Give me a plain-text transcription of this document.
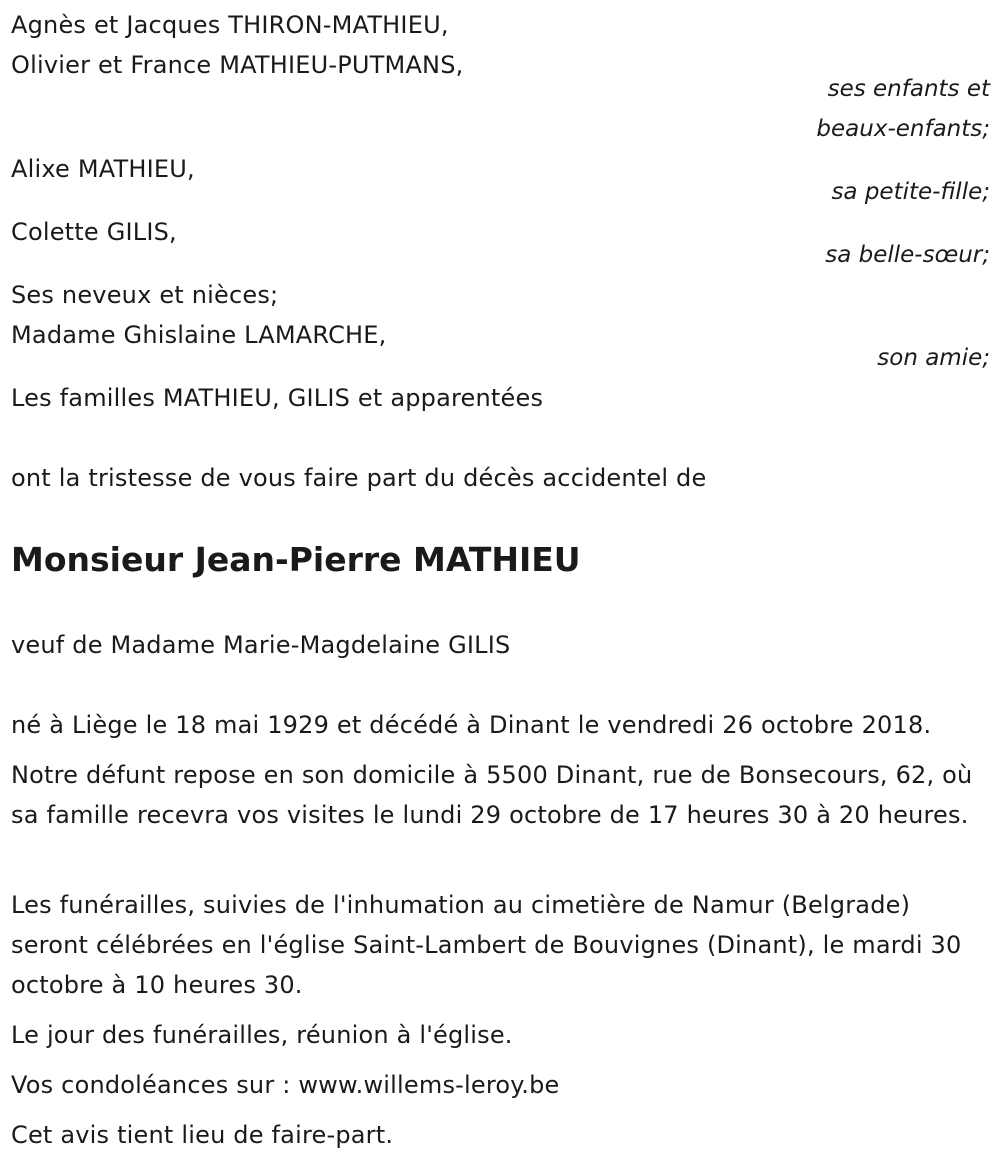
Agnès et Jacques THIRON-MATHIEU,
Olivier et France MATHIEU-PUTMANS,
ses enfants et
beaux-enfants;
Alixe MATHIEU,
sa petite-fille;
Colette GILIS,
sa belle-sœur;
Ses neveux et nièces;
Madame Ghislaine LAMARCHE,
son amie;
Les familles MATHIEU, GILIS et apparentées
ont la tristesse de vous faire part du décès accidentel de
Monsieur Jean-Pierre MATHIEU
veuf de Madame Marie-Magdelaine GILIS
né à Liège le 18 mai 1929 et décédé à Dinant le vendredi 26 octobre 2018.
Notre défunt repose en son domicile à 5500 Dinant, rue de Bonsecours, 62, où sa famille recevra vos visites le lundi 29 octobre de 17 heures 30 à 20 heures.
Les funérailles, suivies de l'inhumation au cimetière de Namur (Belgrade) seront célébrées en l'église Saint-Lambert de Bouvignes (Dinant), le mardi 30 octobre à 10 heures 30.
Le jour des funérailles, réunion à l'église.
Vos condoléances sur : www.willems-leroy.be
Cet avis tient lieu de faire-part.
